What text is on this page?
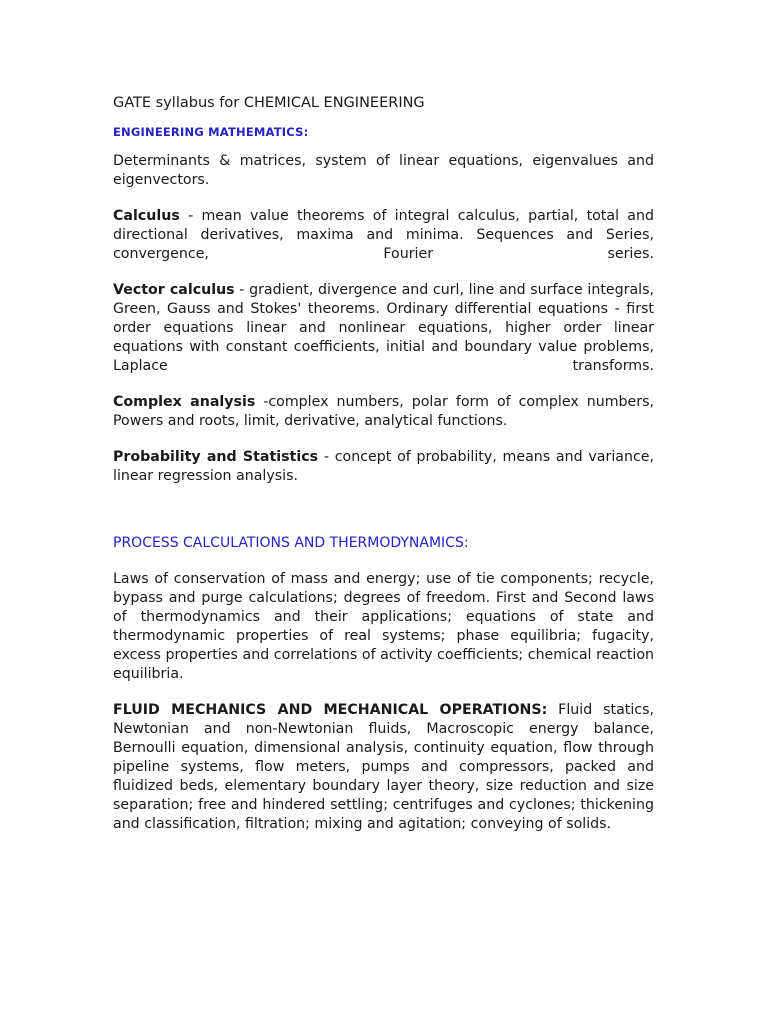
GATE syllabus for CHEMICAL ENGINEERING
ENGINEERING MATHEMATICS:

Determinants & matrices, system of linear equations, eigenvalues and eigenvectors.

Calculus - mean value theorems of integral calculus, partial, total and directional derivatives, maxima and minima. Sequences and Series, convergence, Fourier series.

Vector calculus - gradient, divergence and curl, line and surface integrals, Green, Gauss and Stokes' theorems. Ordinary differential equations - first order equations linear and nonlinear equations, higher order linear equations with constant coefficients, initial and boundary value problems, Laplace transforms.

Complex analysis -complex numbers, polar form of complex numbers, Powers and roots, limit, derivative, analytical functions.

Probability and Statistics - concept of probability, means and variance, linear regression analysis.

PROCESS CALCULATIONS AND THERMODYNAMICS:

Laws of conservation of mass and energy; use of tie components; recycle, bypass and purge calculations; degrees of freedom. First and Second laws of thermodynamics and their applications; equations of state and thermodynamic properties of real systems; phase equilibria; fugacity, excess properties and correlations of activity coefficients; chemical reaction equilibria.

FLUID MECHANICS AND MECHANICAL OPERATIONS: Fluid statics, Newtonian and non-Newtonian fluids, Macroscopic energy balance, Bernoulli equation, dimensional analysis, continuity equation, flow through pipeline systems, flow meters, pumps and compressors, packed and fluidized beds, elementary boundary layer theory, size reduction and size separation; free and hindered settling; centrifuges and cyclones; thickening and classification, filtration; mixing and agitation; conveying of solids.
